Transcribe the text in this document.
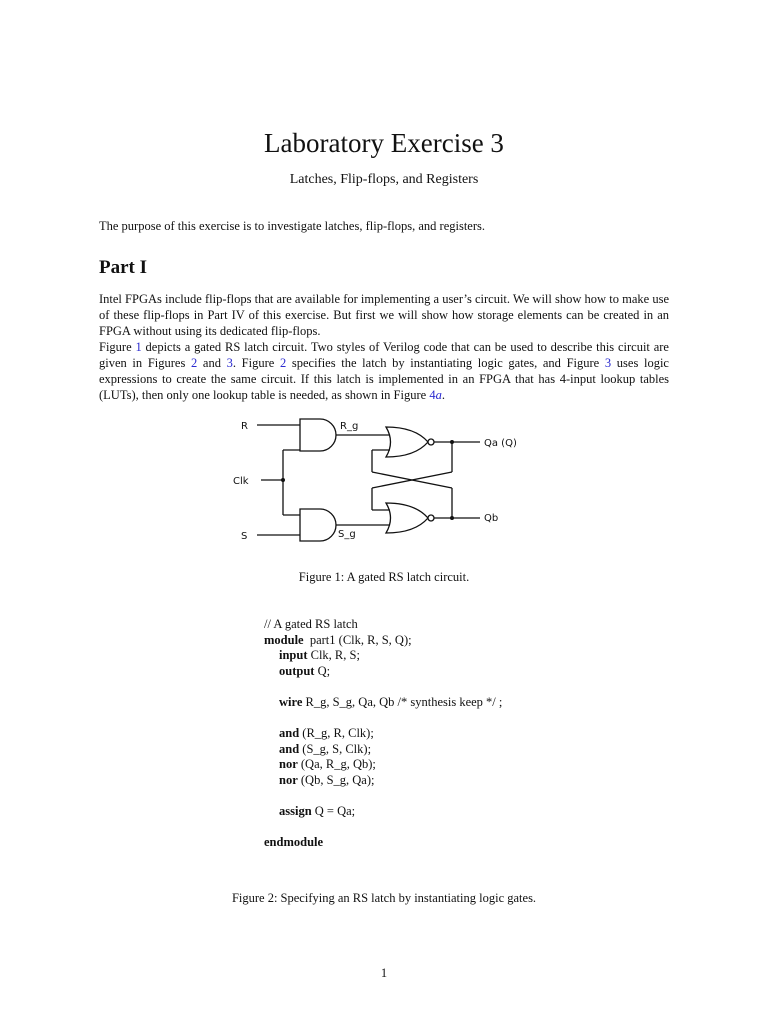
Laboratory Exercise 3
Latches, Flip-flops, and Registers
The purpose of this exercise is to investigate latches, flip-flops, and registers.
Part I
Intel FPGAs include flip-flops that are available for implementing a user’s circuit. We will show how to make use of these flip-flops in Part IV of this exercise. But first we will show how storage elements can be created in an FPGA without using its dedicated flip-flops.
Figure 1 depicts a gated RS latch circuit. Two styles of Verilog code that can be used to describe this circuit are given in Figures 2 and 3. Figure 2 specifies the latch by instantiating logic gates, and Figure 3 uses logic expressions to create the same circuit. If this latch is implemented in an FPGA that has 4-input lookup tables (LUTs), then only one lookup table is needed, as shown in Figure 4a.
R
Clk
S
R_g
S_g
Qa (Q)
Qb
Figure 1: A gated RS latch circuit.
// A gated RS latch
module  part1 (Clk, R, S, Q);
input Clk, R, S;
output Q;
wire R_g, S_g, Qa, Qb /* synthesis keep */ ;
and (R_g, R, Clk);
and (S_g, S, Clk);
nor (Qa, R_g, Qb);
nor (Qb, S_g, Qa);
assign Q = Qa;
endmodule
Figure 2: Specifying an RS latch by instantiating logic gates.
1
